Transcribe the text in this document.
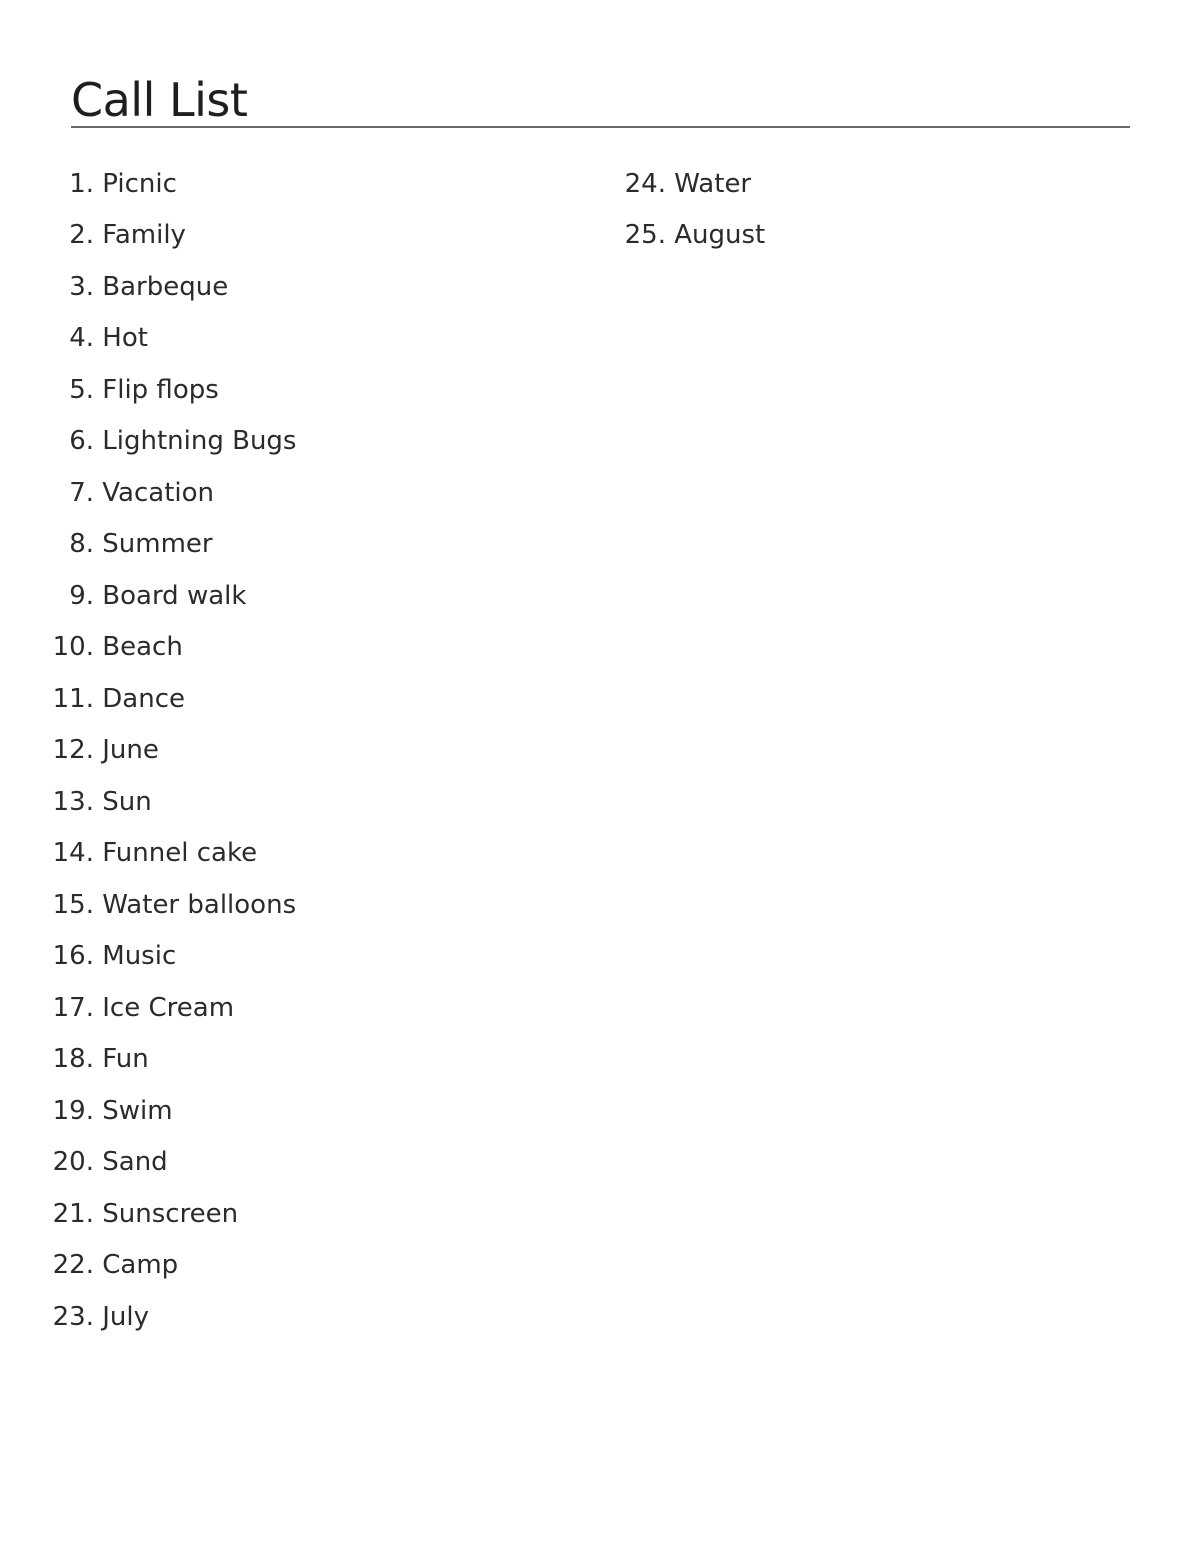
Call List
1.
Picnic
2.
Family
3.
Barbeque
4.
Hot
5.
Flip flops
6.
Lightning Bugs
7.
Vacation
8.
Summer
9.
Board walk
10.
Beach
11.
Dance
12.
June
13.
Sun
14.
Funnel cake
15.
Water balloons
16.
Music
17.
Ice Cream
18.
Fun
19.
Swim
20.
Sand
21.
Sunscreen
22.
Camp
23.
July
24.
Water
25.
August
